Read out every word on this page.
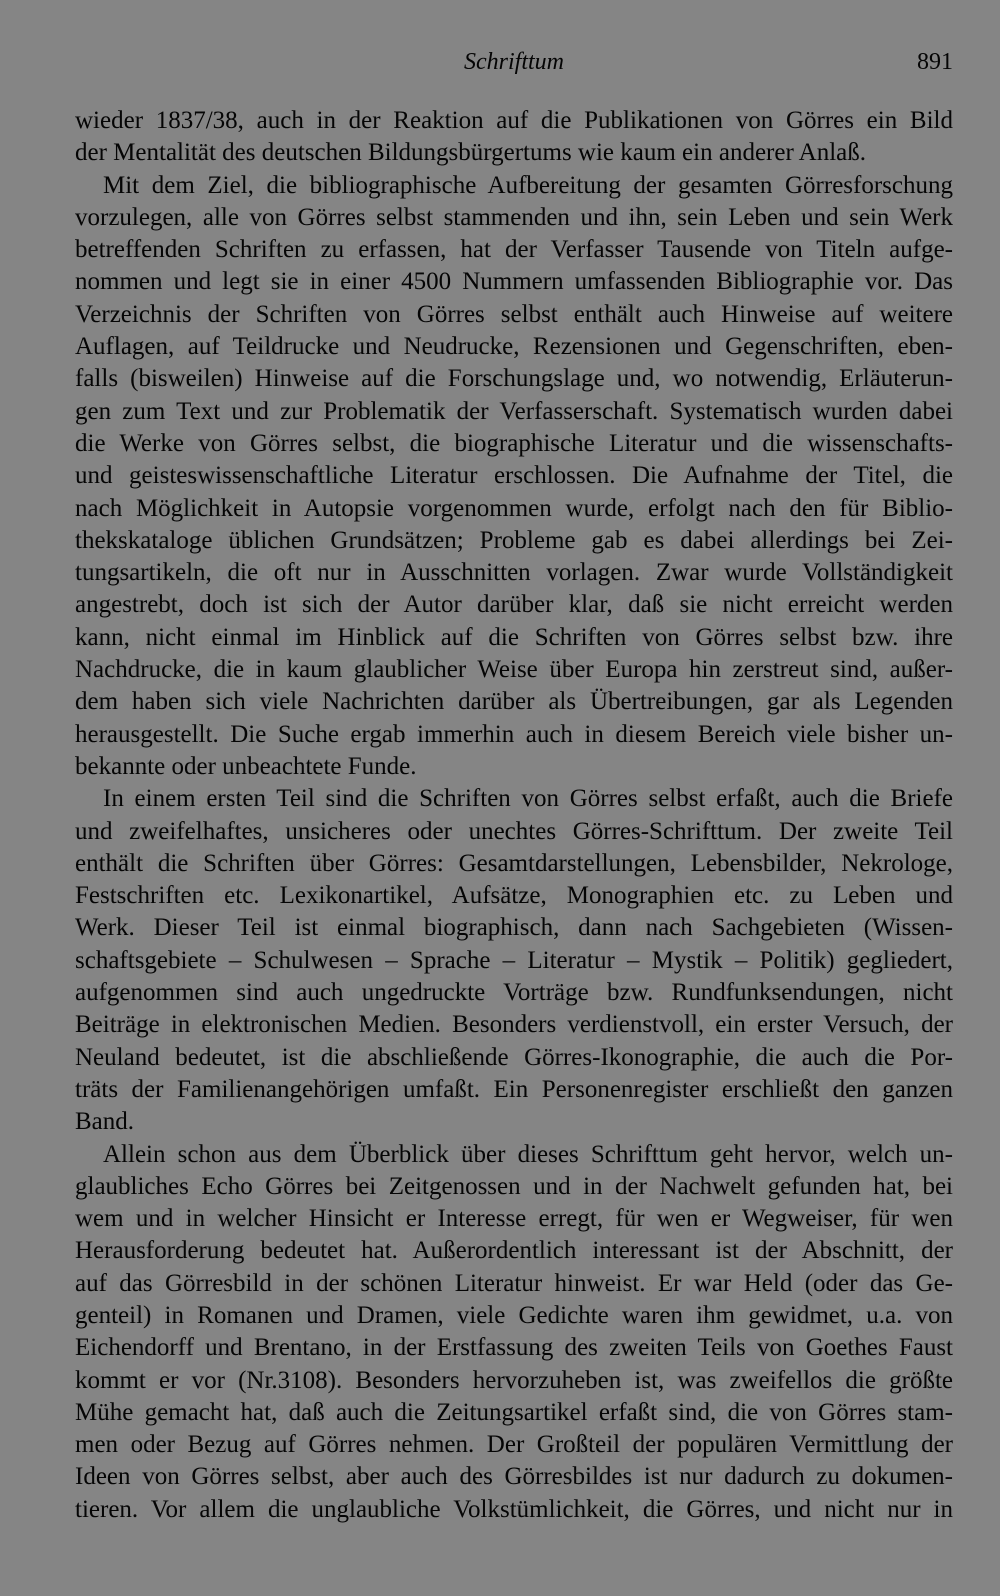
Schrifttum	891
wieder 1837/38, auch in der Reaktion auf die Publikationen von Görres ein Bild
der Mentalität des deutschen Bildungsbürgertums wie kaum ein anderer Anlaß.
Mit dem Ziel, die bibliographische Aufbereitung der gesamten Görresforschung
vorzulegen, alle von Görres selbst stammenden und ihn, sein Leben und sein Werk
betreffenden Schriften zu erfassen, hat der Verfasser Tausende von Titeln aufge-
nommen und legt sie in einer 4500 Nummern umfassenden Bibliographie vor. Das
Verzeichnis der Schriften von Görres selbst enthält auch Hinweise auf weitere
Auflagen, auf Teildrucke und Neudrucke, Rezensionen und Gegenschriften, eben-
falls (bisweilen) Hinweise auf die Forschungslage und, wo notwendig, Erläuterun-
gen zum Text und zur Problematik der Verfasserschaft. Systematisch wurden dabei
die Werke von Görres selbst, die biographische Literatur und die wissenschafts-
und geisteswissenschaftliche Literatur erschlossen. Die Aufnahme der Titel, die
nach Möglichkeit in Autopsie vorgenommen wurde, erfolgt nach den für Biblio-
thekskataloge üblichen Grundsätzen; Probleme gab es dabei allerdings bei Zei-
tungsartikeln, die oft nur in Ausschnitten vorlagen. Zwar wurde Vollständigkeit
angestrebt, doch ist sich der Autor darüber klar, daß sie nicht erreicht werden
kann, nicht einmal im Hinblick auf die Schriften von Görres selbst bzw. ihre
Nachdrucke, die in kaum glaublicher Weise über Europa hin zerstreut sind, außer-
dem haben sich viele Nachrichten darüber als Übertreibungen, gar als Legenden
herausgestellt. Die Suche ergab immerhin auch in diesem Bereich viele bisher un-
bekannte oder unbeachtete Funde.
In einem ersten Teil sind die Schriften von Görres selbst erfaßt, auch die Briefe
und zweifelhaftes, unsicheres oder unechtes Görres-Schrifttum. Der zweite Teil
enthält die Schriften über Görres: Gesamtdarstellungen, Lebensbilder, Nekrologe,
Festschriften etc. Lexikonartikel, Aufsätze, Monographien etc. zu Leben und
Werk. Dieser Teil ist einmal biographisch, dann nach Sachgebieten (Wissen-
schaftsgebiete – Schulwesen – Sprache – Literatur – Mystik – Politik) gegliedert,
aufgenommen sind auch ungedruckte Vorträge bzw. Rundfunksendungen, nicht
Beiträge in elektronischen Medien. Besonders verdienstvoll, ein erster Versuch, der
Neuland bedeutet, ist die abschließende Görres-Ikonographie, die auch die Por-
träts der Familienangehörigen umfaßt. Ein Personenregister erschließt den ganzen
Band.
Allein schon aus dem Überblick über dieses Schrifttum geht hervor, welch un-
glaubliches Echo Görres bei Zeitgenossen und in der Nachwelt gefunden hat, bei
wem und in welcher Hinsicht er Interesse erregt, für wen er Wegweiser, für wen
Herausforderung bedeutet hat. Außerordentlich interessant ist der Abschnitt, der
auf das Görresbild in der schönen Literatur hinweist. Er war Held (oder das Ge-
genteil) in Romanen und Dramen, viele Gedichte waren ihm gewidmet, u.a. von
Eichendorff und Brentano, in der Erstfassung des zweiten Teils von Goethes Faust
kommt er vor (Nr.3108). Besonders hervorzuheben ist, was zweifellos die größte
Mühe gemacht hat, daß auch die Zeitungsartikel erfaßt sind, die von Görres stam-
men oder Bezug auf Görres nehmen. Der Großteil der populären Vermittlung der
Ideen von Görres selbst, aber auch des Görresbildes ist nur dadurch zu dokumen-
tieren. Vor allem die unglaubliche Volkstümlichkeit, die Görres, und nicht nur in
